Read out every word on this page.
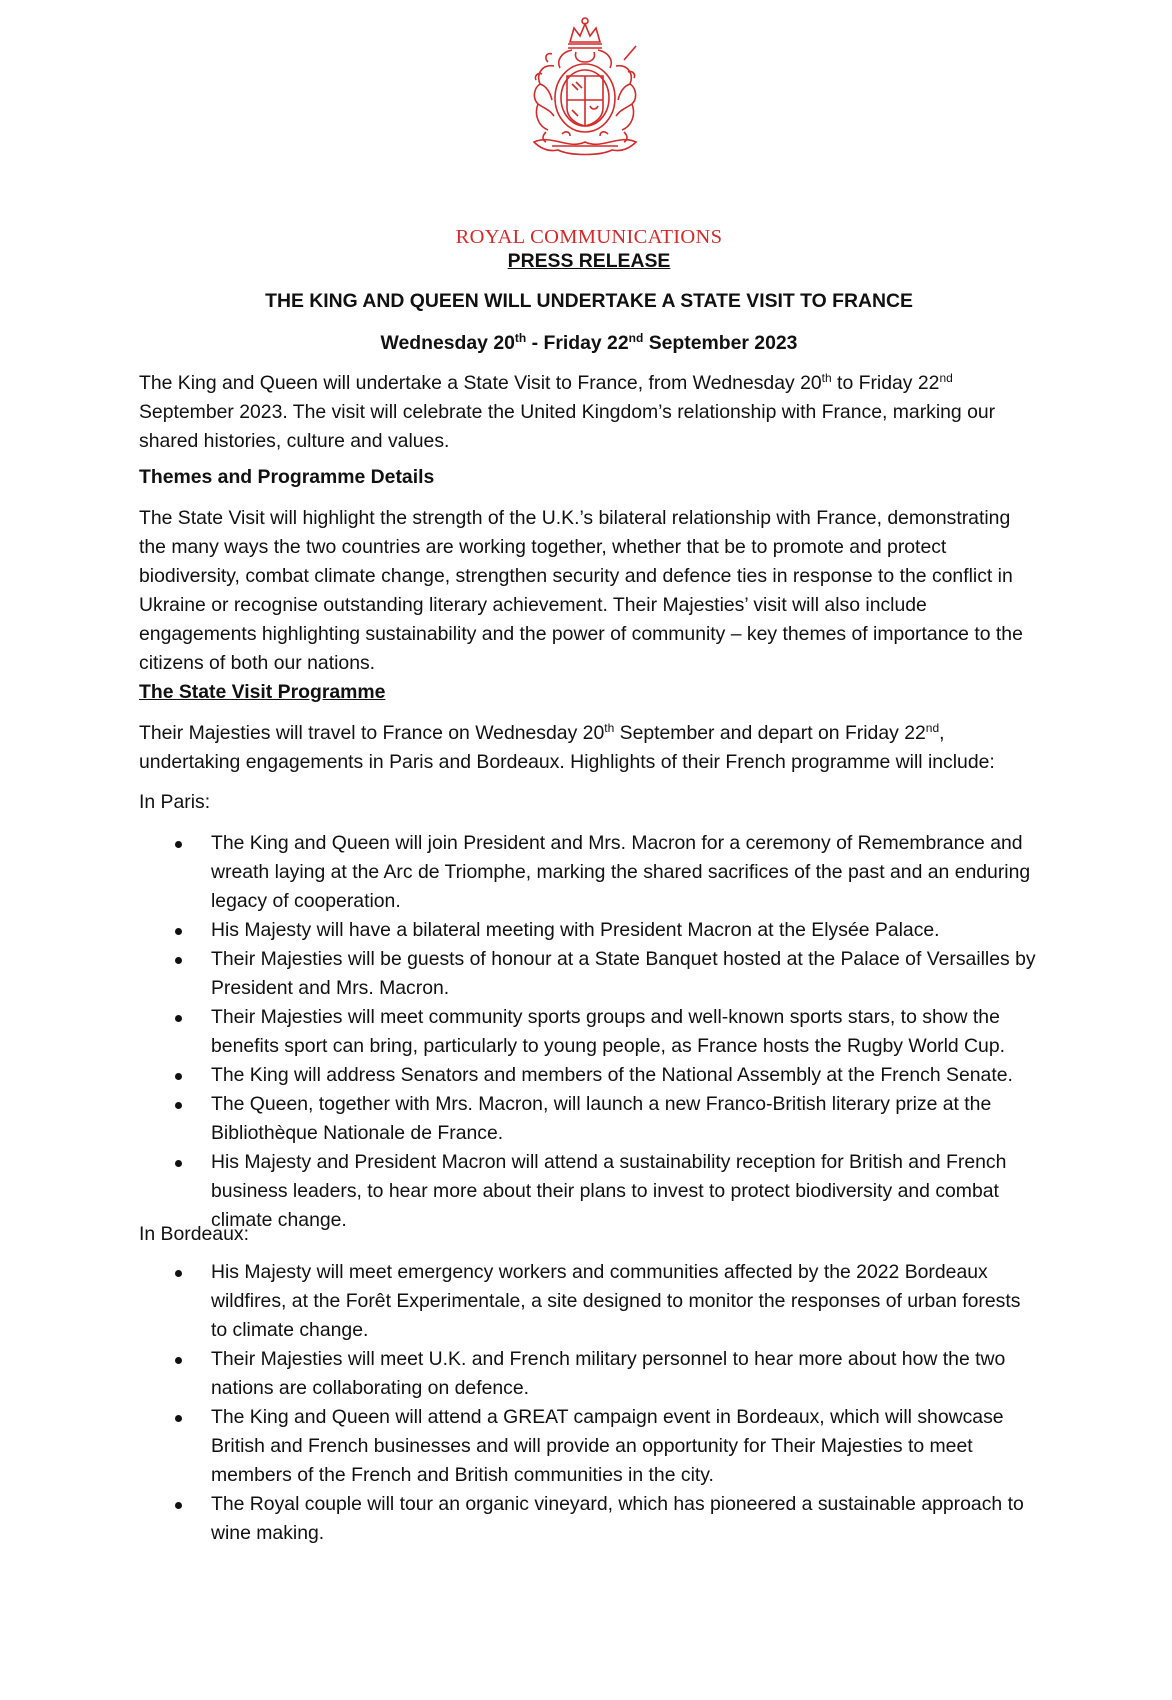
ROYAL COMMUNICATIONS
PRESS RELEASE
THE KING AND QUEEN WILL UNDERTAKE A STATE VISIT TO FRANCE
Wednesday 20th - Friday 22nd September 2023
The King and Queen will undertake a State Visit to France, from Wednesday 20th to Friday 22nd September 2023. The visit will celebrate the United Kingdom’s relationship with France, marking our shared histories, culture and values.
Themes and Programme Details
The State Visit will highlight the strength of the U.K.’s bilateral relationship with France, demonstrating the many ways the two countries are working together, whether that be to promote and protect biodiversity, combat climate change, strengthen security and defence ties in response to the conflict in Ukraine or recognise outstanding literary achievement. Their Majesties’ visit will also include engagements highlighting sustainability and the power of community – key themes of importance to the citizens of both our nations.
The State Visit Programme
Their Majesties will travel to France on Wednesday 20th September and depart on Friday 22nd, undertaking engagements in Paris and Bordeaux. Highlights of their French programme will include:
In Paris:
The King and Queen will join President and Mrs. Macron for a ceremony of Remembrance and wreath laying at the Arc de Triomphe, marking the shared sacrifices of the past and an enduring legacy of cooperation.
His Majesty will have a bilateral meeting with President Macron at the Elysée Palace.
Their Majesties will be guests of honour at a State Banquet hosted at the Palace of Versailles by President and Mrs. Macron.
Their Majesties will meet community sports groups and well-known sports stars, to show the benefits sport can bring, particularly to young people, as France hosts the Rugby World Cup.
The King will address Senators and members of the National Assembly at the French Senate.
The Queen, together with Mrs. Macron, will launch a new Franco-British literary prize at the Bibliothèque Nationale de France.
His Majesty and President Macron will attend a sustainability reception for British and French business leaders, to hear more about their plans to invest to protect biodiversity and combat climate change.
In Bordeaux:
His Majesty will meet emergency workers and communities affected by the 2022 Bordeaux wildfires, at the Forêt Experimentale, a site designed to monitor the responses of urban forests to climate change.
Their Majesties will meet U.K. and French military personnel to hear more about how the two nations are collaborating on defence.
The King and Queen will attend a GREAT campaign event in Bordeaux, which will showcase British and French businesses and will provide an opportunity for Their Majesties to meet members of the French and British communities in the city.
The Royal couple will tour an organic vineyard, which has pioneered a sustainable approach to wine making.
